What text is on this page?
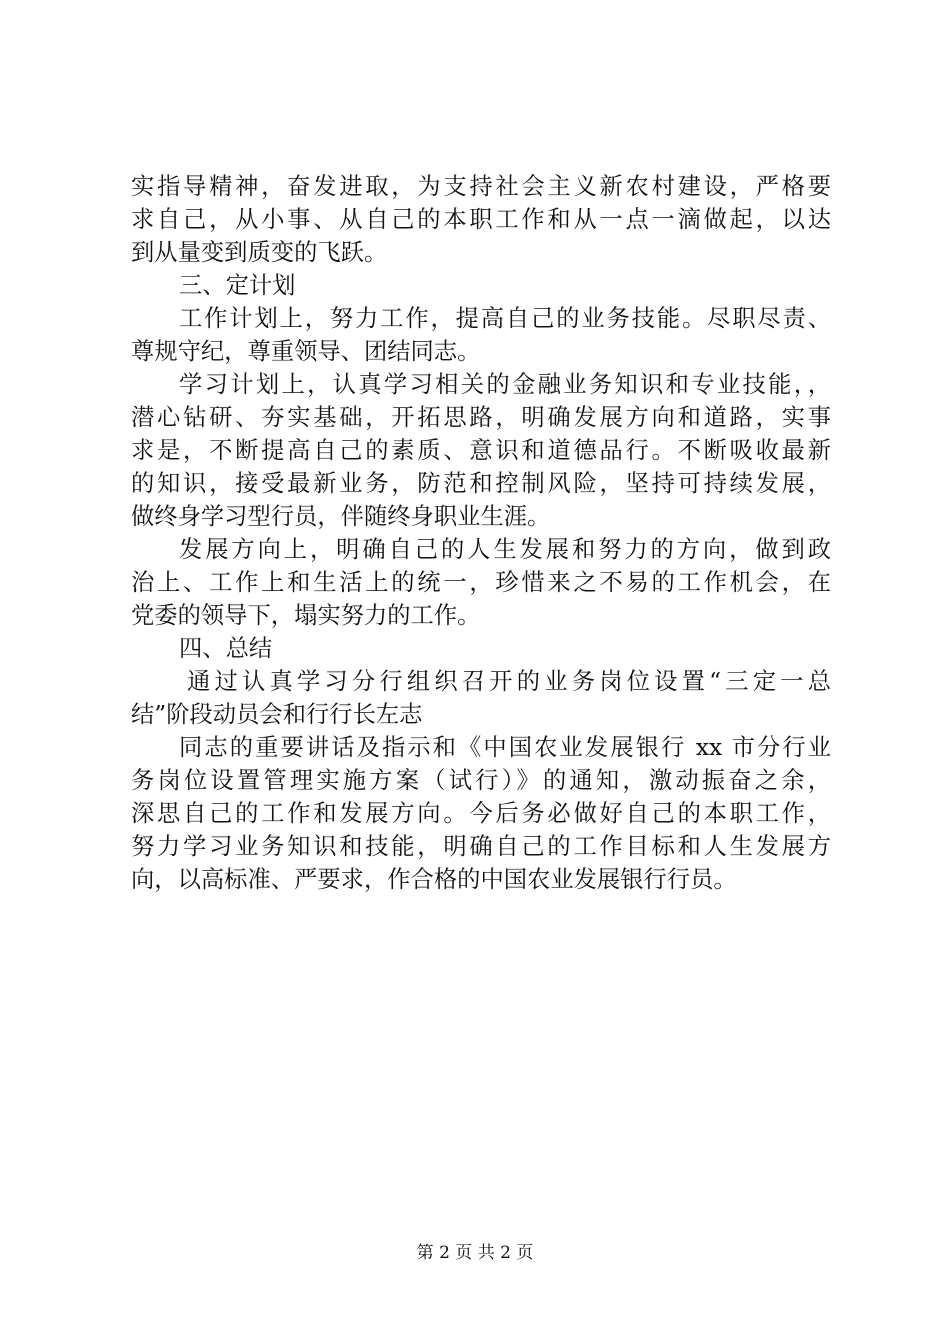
实指导精神，奋发进取，为支持社会主义新农村建设，严格要
求自己，从小事、从自己的本职工作和从一点一滴做起，以达
到从量变到质变的飞跃。
三、定计划
工作计划上，努力工作，提高自己的业务技能。尽职尽责、
尊规守纪，尊重领导、团结同志。
学习计划上，认真学习相关的金融业务知识和专业技能，，
潜心钻研、夯实基础，开拓思路，明确发展方向和道路，实事
求是，不断提高自己的素质、意识和道德品行。不断吸收最新
的知识，接受最新业务，防范和控制风险，坚持可持续发展，
做终身学习型行员，伴随终身职业生涯。
发展方向上，明确自己的人生发展和努力的方向，做到政
治上、工作上和生活上的统一，珍惜来之不易的工作机会，在
党委的领导下，塌实努力的工作。
四、总结
通过认真学习分行组织召开的业务岗位设置“三定一总
结”阶段动员会和行行长左志
同志的重要讲话及指示和《中国农业发展银行 xx 市分行业
务岗位设置管理实施方案（试行）》的通知，激动振奋之余，
深思自己的工作和发展方向。今后务必做好自己的本职工作，
努力学习业务知识和技能，明确自己的工作目标和人生发展方
向，以高标准、严要求，作合格的中国农业发展银行行员。
第 2 页 共 2 页
